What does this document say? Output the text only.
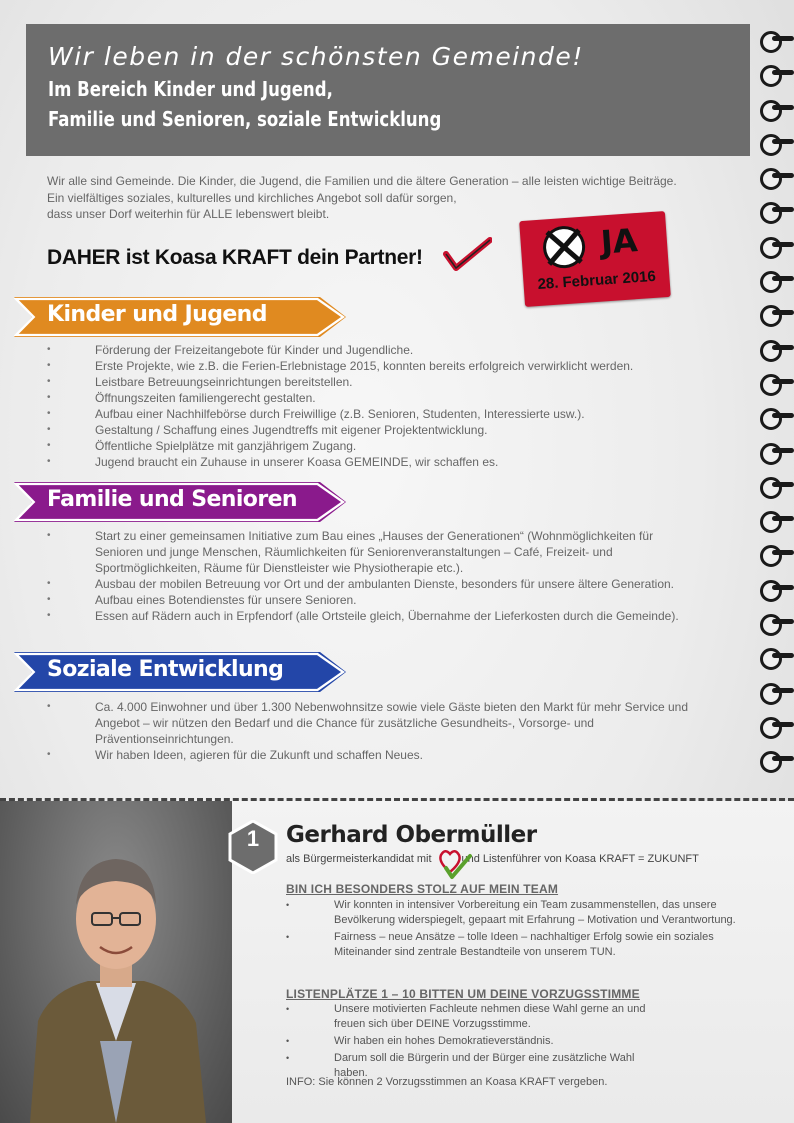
Wir leben in der schönsten Gemeinde!
Im Bereich Kinder und Jugend,
Familie und Senioren, soziale Entwicklung
Wir alle sind Gemeinde. Die Kinder, die Jugend, die Familien und die ältere Generation – alle leisten wichtige Beiträge.
Ein vielfältiges soziales, kulturelles und kirchliches Angebot soll dafür sorgen,
dass unser Dorf weiterhin für ALLE lebenswert bleibt.
DAHER ist Koasa KRAFT dein Partner!	JA
28. Februar 2016
Kinder und Jugend
• Förderung der Freizeitangebote für Kinder und Jugendliche.
• Erste Projekte, wie z.B. die Ferien-Erlebnistage 2015, konnten bereits erfolgreich verwirklicht werden.
• Leistbare Betreuungseinrichtungen bereitstellen.
• Öffnungszeiten familiengerecht gestalten.
• Aufbau einer Nachhilfebörse durch Freiwillige (z.B. Senioren, Studenten, Interessierte usw.).
• Gestaltung / Schaffung eines Jugendtreffs mit eigener Projektentwicklung.
• Öffentliche Spielplätze mit ganzjährigem Zugang.
• Jugend braucht ein Zuhause in unserer Koasa GEMEINDE, wir schaffen es.
Familie und Senioren
• Start zu einer gemeinsamen Initiative zum Bau eines „Hauses der Generationen“ (Wohnmöglichkeiten für Senioren und junge Menschen, Räumlichkeiten für Seniorenveranstaltungen – Café, Freizeit- und Sportmöglichkeiten, Räume für Dienstleister wie Physiotherapie etc.).
• Ausbau der mobilen Betreuung vor Ort und der ambulanten Dienste, besonders für unsere ältere Generation.
• Aufbau eines Botendienstes für unsere Senioren.
• Essen auf Rädern auch in Erpfendorf (alle Ortsteile gleich, Übernahme der Lieferkosten durch die Gemeinde).
Soziale Entwicklung
• Ca. 4.000 Einwohner und über 1.300 Nebenwohnsitze sowie viele Gäste bieten den Markt für mehr Service und Angebot – wir nützen den Bedarf und die Chance für zusätzliche Gesundheits-, Vorsorge- und Präventionseinrichtungen.
• Wir haben Ideen, agieren für die Zukunft und schaffen Neues.
1 Gerhard Obermüller
als Bürgermeisterkandidat mit	und Listenführer von Koasa KRAFT = ZUKUNFT
BIN ICH BESONDERS STOLZ AUF MEIN TEAM
• Wir konnten in intensiver Vorbereitung ein Team zusammenstellen, das unsere Bevölkerung widerspiegelt, gepaart mit Erfahrung – Motivation und Verantwortung.
• Fairness – neue Ansätze – tolle Ideen – nachhaltiger Erfolg sowie ein soziales Miteinander sind zentrale Bestandteile von unserem TUN.
LISTENPLÄTZE 1 – 10 BITTEN UM DEINE VORZUGSSTIMME
• Unsere motivierten Fachleute nehmen diese Wahl gerne an und freuen sich über DEINE Vorzugsstimme.
• Wir haben ein hohes Demokratieverständnis.
• Darum soll die Bürgerin und der Bürger eine zusätzliche Wahl haben.
INFO: Sie können 2 Vorzugsstimmen an Koasa KRAFT vergeben.
